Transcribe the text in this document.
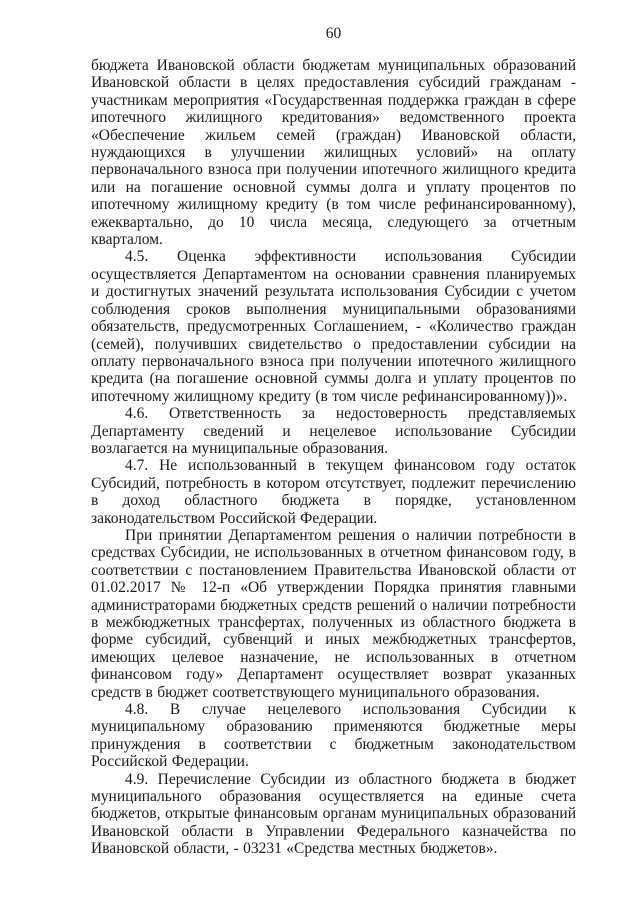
60

бюджета Ивановской области бюджетам муниципальных образований Ивановской области в целях предоставления субсидий гражданам - участникам мероприятия «Государственная поддержка граждан в сфере ипотечного жилищного кредитования» ведомственного проекта «Обеспечение жильем семей (граждан) Ивановской области, нуждающихся в улучшении жилищных условий» на оплату первоначального взноса при получении ипотечного жилищного кредита или на погашение основной суммы долга и уплату процентов по ипотечному жилищному кредиту (в том числе рефинансированному), ежеквартально, до 10 числа месяца, следующего за отчетным кварталом.

4.5. Оценка эффективности использования Субсидии осуществляется Департаментом на основании сравнения планируемых и достигнутых значений результата использования Субсидии с учетом соблюдения сроков выполнения муниципальными образованиями обязательств, предусмотренных Соглашением, - «Количество граждан (семей), получивших свидетельство о предоставлении субсидии на оплату первоначального взноса при получении ипотечного жилищного кредита (на погашение основной суммы долга и уплату процентов по ипотечному жилищному кредиту (в том числе рефинансированному))».

4.6. Ответственность за недостоверность представляемых Департаменту сведений и нецелевое использование Субсидии возлагается на муниципальные образования.

4.7. Не использованный в текущем финансовом году остаток Субсидий, потребность в котором отсутствует, подлежит перечислению в доход областного бюджета в порядке, установленном законодательством Российской Федерации.

При принятии Департаментом решения о наличии потребности в средствах Субсидии, не использованных в отчетном финансовом году, в соответствии с постановлением Правительства Ивановской области от 01.02.2017 № 12-п «Об утверждении Порядка принятия главными администраторами бюджетных средств решений о наличии потребности в межбюджетных трансфертах, полученных из областного бюджета в форме субсидий, субвенций и иных межбюджетных трансфертов, имеющих целевое назначение, не использованных в отчетном финансовом году» Департамент осуществляет возврат указанных средств в бюджет соответствующего муниципального образования.

4.8. В случае нецелевого использования Субсидии к муниципальному образованию применяются бюджетные меры принуждения в соответствии с бюджетным законодательством Российской Федерации.

4.9. Перечисление Субсидии из областного бюджета в бюджет муниципального образования осуществляется на единые счета бюджетов, открытые финансовым органам муниципальных образований Ивановской области в Управлении Федерального казначейства по Ивановской области, - 03231 «Средства местных бюджетов».
